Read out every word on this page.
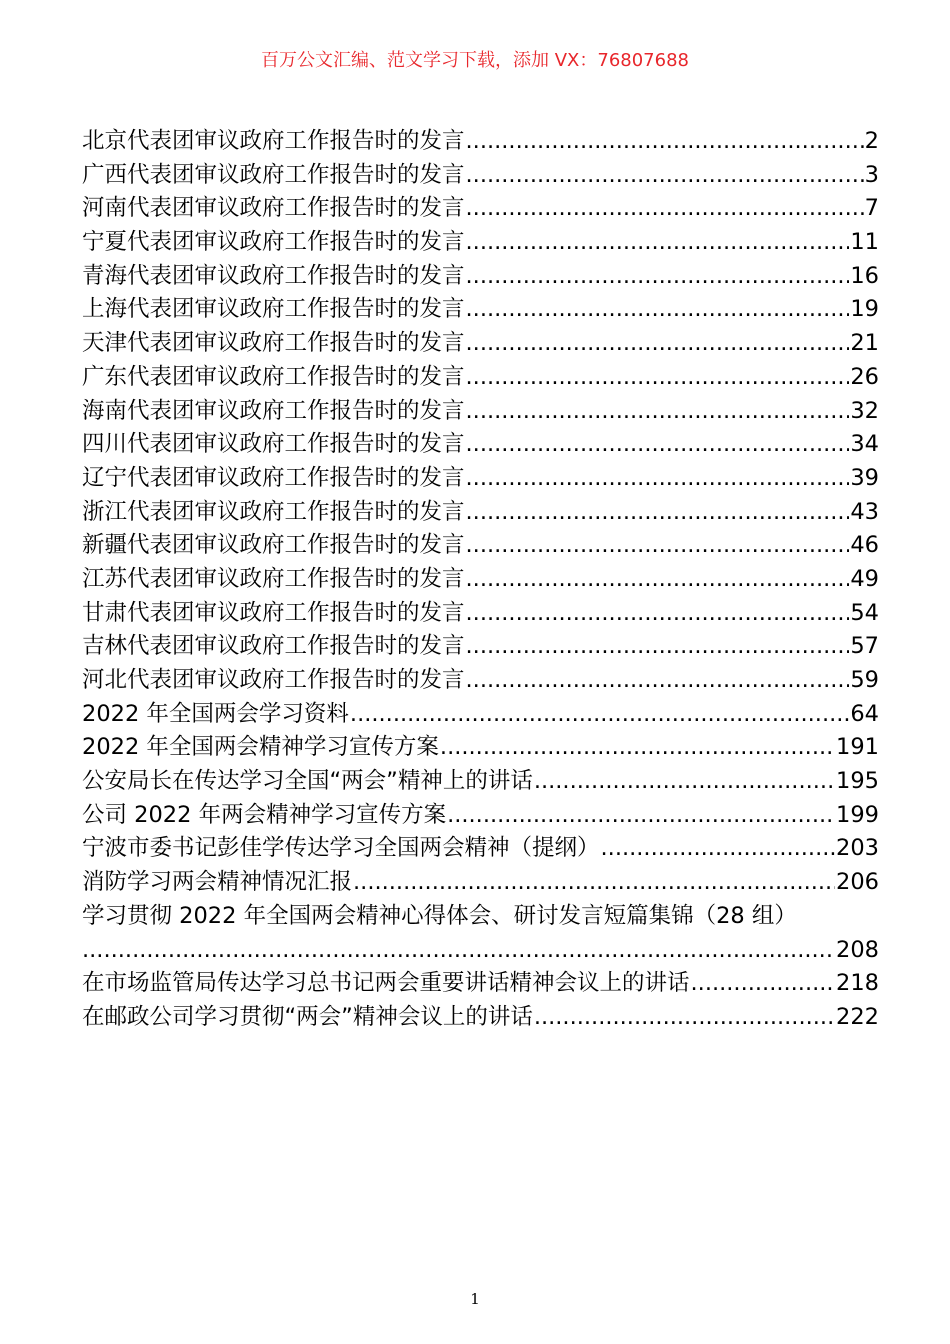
百万公文汇编、范文学习下载，添加 VX：76807688
北京代表团审议政府工作报告时的发言 .....	2
广西代表团审议政府工作报告时的发言 .....	3
河南代表团审议政府工作报告时的发言 .....	7
宁夏代表团审议政府工作报告时的发言 .....	11
青海代表团审议政府工作报告时的发言 .....	16
上海代表团审议政府工作报告时的发言 .....	19
天津代表团审议政府工作报告时的发言 .....	21
广东代表团审议政府工作报告时的发言 .....	26
海南代表团审议政府工作报告时的发言 .....	32
四川代表团审议政府工作报告时的发言 .....	34
辽宁代表团审议政府工作报告时的发言 .....	39
浙江代表团审议政府工作报告时的发言 .....	43
新疆代表团审议政府工作报告时的发言 .....	46
江苏代表团审议政府工作报告时的发言 .....	49
甘肃代表团审议政府工作报告时的发言 .....	54
吉林代表团审议政府工作报告时的发言 .....	57
河北代表团审议政府工作报告时的发言 .....	59
2022 年全国两会学习资料 .....	64
2022 年全国两会精神学习宣传方案 .....	191
公安局长在传达学习全国“两会”精神上的讲话 .....	195
公司 2022 年两会精神学习宣传方案 .....	199
宁波市委书记彭佳学传达学习全国两会精神（提纲） .....	203
消防学习两会精神情况汇报 .....	206
学习贯彻 2022 年全国两会精神心得体会、研讨发言短篇集锦（28 组）
.....
208
在市场监管局传达学习总书记两会重要讲话精神会议上的讲话 .....	218
在邮政公司学习贯彻“两会”精神会议上的讲话 .....	222
1
